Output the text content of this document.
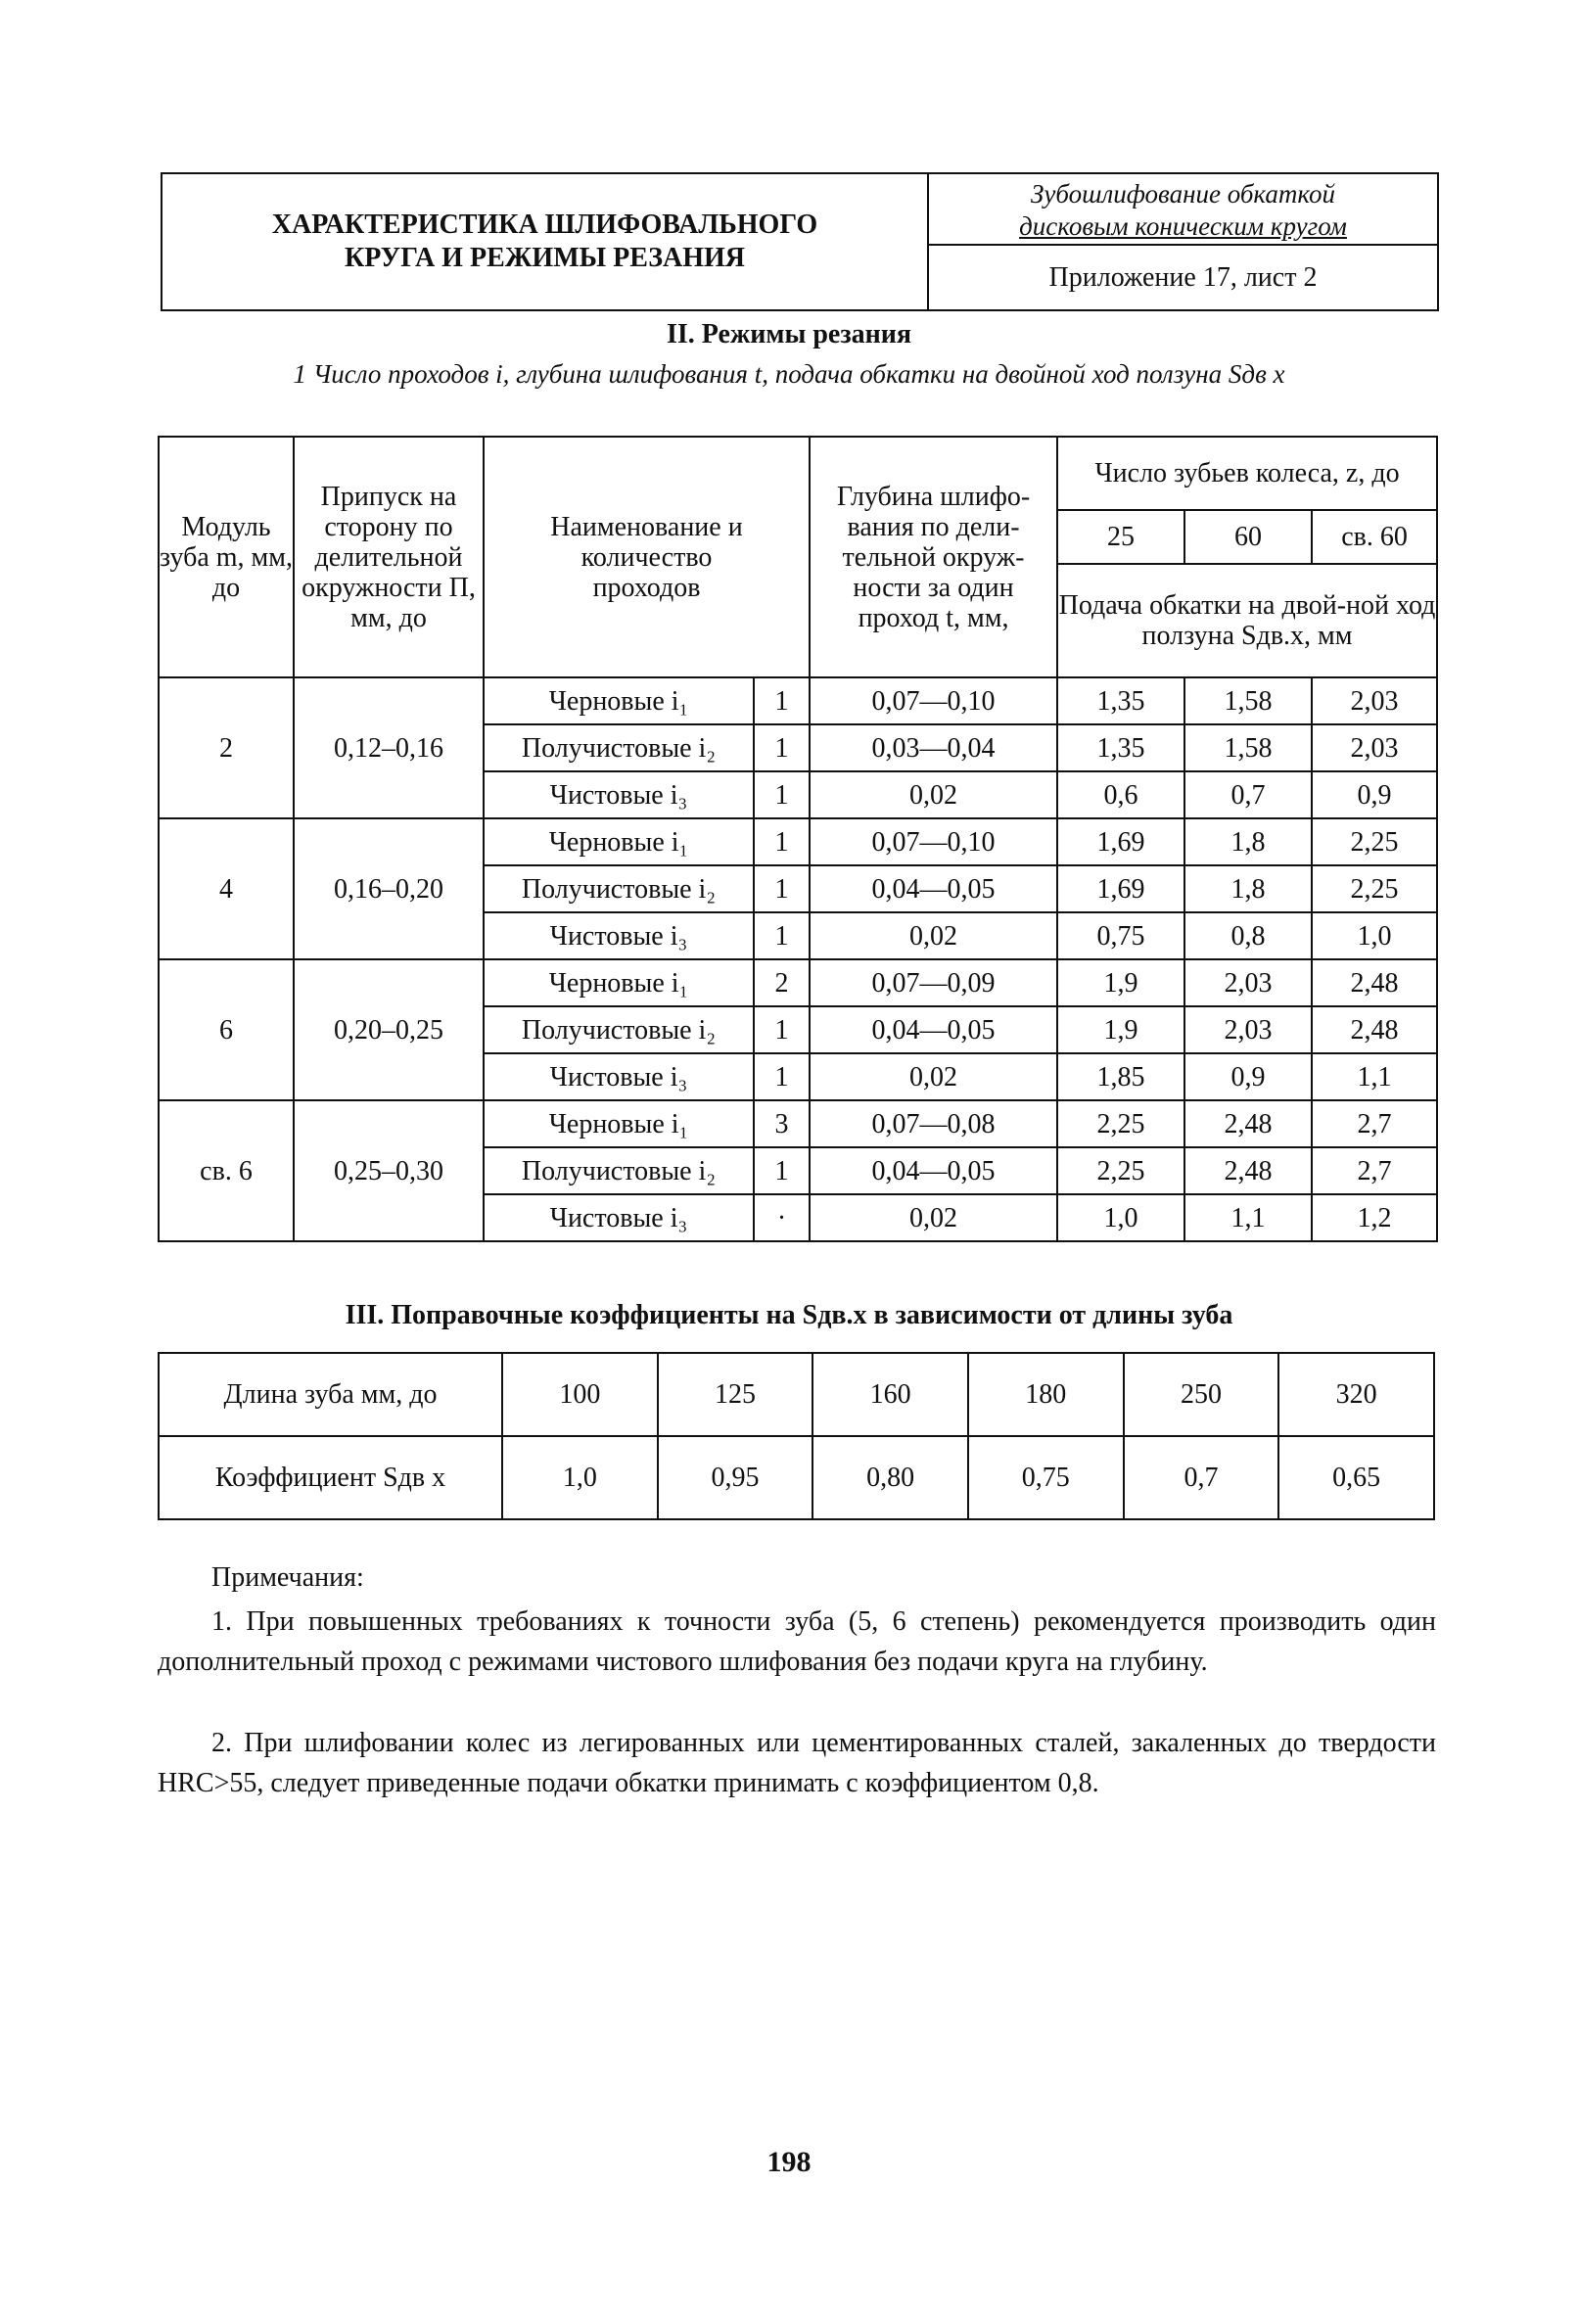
ХАРАКТЕРИСТИКА ШЛИФОВАЛЬНОГО
КРУГА И РЕЖИМЫ РЕЗАНИЯ
Зубошлифование обкаткой
дисковым коническим кругом
Приложение 17, лист 2
II. Режимы резания
1 Число проходов i, глубина шлифования t, подача обкатки на двойной ход ползуна Sдв х
Модуль зуба m, мм, до	Припуск на сторону по делительной окружности П, мм, до	Наименование и количество проходов		Глубина шлифо-вания по дели-тельной окруж-ности за один проход t, мм,	Число зубьев колеса, z, до		
					25	60	св. 60
					Подача обкатки на двой-ной ход ползуна Sдв.х, мм		
2	0,12–0,16	Черновые i₁	1	0,07—0,10	1,35	1,58	2,03
		Получистовые i₂	1	0,03—0,04	1,35	1,58	2,03
		Чистовые i₃	1	0,02	0,6	0,7	0,9
4	0,16–0,20	Черновые i₁	1	0,07—0,10	1,69	1,8	2,25
		Получистовые i₂	1	0,04—0,05	1,69	1,8	2,25
		Чистовые i₃	1	0,02	0,75	0,8	1,0
6	0,20–0,25	Черновые i₁	2	0,07—0,09	1,9	2,03	2,48
		Получистовые i₂	1	0,04—0,05	1,9	2,03	2,48
		Чистовые i₃	1	0,02	1,85	0,9	1,1
св. 6	0,25–0,30	Черновые i₁	3	0,07—0,08	2,25	2,48	2,7
		Получистовые i₂	1	0,04—0,05	2,25	2,48	2,7
		Чистовые i₃	·	0,02	1,0	1,1	1,2
III. Поправочные коэффициенты на Sдв.х в зависимости от длины зуба
Длина зуба мм, до	100	125	160	180	250	320
Коэффициент Sдв х	1,0	0,95	0,80	0,75	0,7	0,65
Примечания:
1. При повышенных требованиях к точности зуба (5, 6 степень) рекомендуется производить один дополнительный проход с режимами чистового шлифования без подачи круга на глубину.
2. При шлифовании колес из легированных или цементированных сталей, закаленных до твердости HRC>55, следует приведенные подачи обкатки принимать с коэффициентом 0,8.
198
